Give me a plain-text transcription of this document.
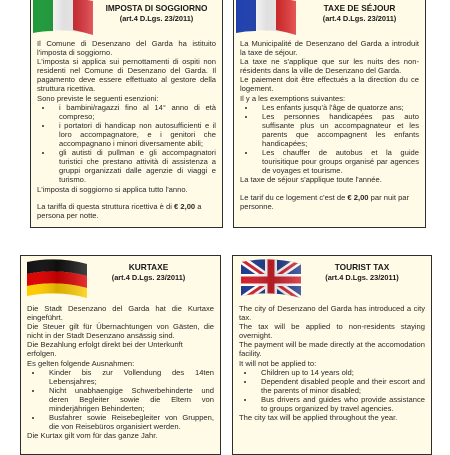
IMPOSTA DI SOGGIORNO
(art.4 D.Lgs. 23/2011)

Il Comune di Desenzano del Garda ha istituito l'imposta di soggiorno.

L'imposta si applica sui pernottamenti di ospiti non residenti nel Comune di Desenzano del Garda. Il pagamento deve essere effettuato al gestore della struttura ricettiva.

Sono previste le seguenti esenzioni:

• i bambini/ragazzi fino al 14° anno di età compreso;
• i portatori di handicap non autosufficienti e il loro accompagnatore, e i genitori che accompagnano i minori diversamente abili;
• gli autisti di pullman e gli accompagnatori turistici che prestano attività di assistenza a gruppi organizzati dalle agenzie di viaggi e turismo.

L'imposta di soggiorno si applica tutto l'anno.

La tariffa di questa struttura ricettiva è di € 2,00 a persona per notte.

TAXE DE SÉJOUR
(art.4 D.Lgs. 23/2011)

La Municipalité de Desenzano del Garda a introduit la taxe de séjour.

La taxe ne s'applique que sur les nuits des non-résidents dans la ville de Desenzano del Garda.

Le paiement doit être effectués a la direction du ce logement.

Il y a les exemptions suivantes:

• Les enfants jusqu'à l'âge de quatorze ans;
• Les personnes handicapées pas auto suffisante plus un accompagnateur et les parents que accompagnent les enfants handicapées;
• Les chauffer de autobus et la guide tourisitique pour groups organisé par agences de voyages et tourisme.

La taxe de séjour s'applique toute l'année.

Le tarif du ce logement c'est de € 2,00 par nuit par personne.

KURTAXE
(art.4 D.Lgs. 23/2011)

Die Stadt Desenzano del Garda hat die Kurtaxe eingeführt.

Die Steuer gilt für Übernachtungen von Gästen, die nicht in der Stadt Desenzano ansässig sind.

Die Bezahlung erfolgt direkt bei der Unterkunft erfolgen.

Es gelten folgende Ausnahmen:

• Kinder bis zur Vollendung des 14ten Lebensjahres;
• Nicht unabhaengige Schwerbehinderte und deren Begleiter sowie die Eltern von minderjährigen Behinderten;
• Busfahrer sowie Reisebegleiter von Gruppen, die von Reisebüros organisiert werden.

Die Kurtax gilt vom für das ganze Jahr.

TOURIST TAX
(art.4 D.Lgs. 23/2011)

The city of Desenzano del Garda has introduced a city tax.

The tax will be applied to non-residents staying overnight.

The payment will be made directly at the accomodation facility.

It will not be applied to:

• Children up to 14 years old;
• Dependent disabled people and their escort and the parents of minor disabled;
• Bus drivers and guides who provide assistance to groups organized by travel agencies.

The city tax will be applied throughout the year.
